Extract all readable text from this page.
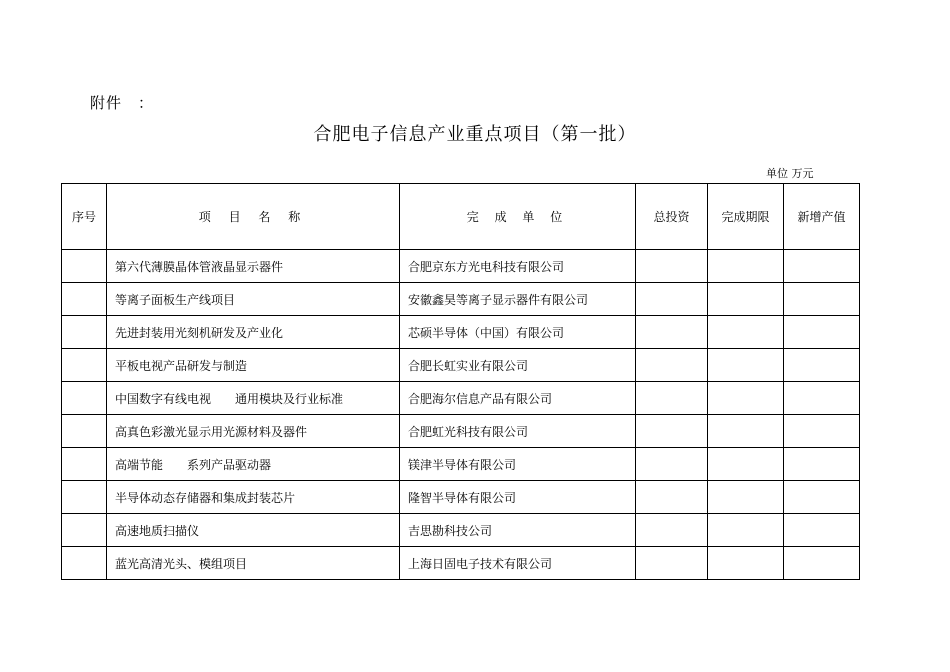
附件　：
合肥电子信息产业重点项目（第一批）
单位 万元
序号	项 目 名 称	完 成 单 位	总投资	完成期限	新增产值
	第六代薄膜晶体管液晶显示器件	合肥京东方光电科技有限公司			
	等离子面板生产线项目	安徽鑫昊等离子显示器件有限公司			
	先进封装用光刻机研发及产业化	芯硕半导体（中国）有限公司			
	平板电视产品研发与制造	合肥长虹实业有限公司			
	中国数字有线电视　　通用模块及行业标准	合肥海尔信息产品有限公司			
	高真色彩激光显示用光源材料及器件	合肥虹光科技有限公司			
	高端节能　　系列产品驱动器	镁津半导体有限公司			
	半导体动态存储器和集成封装芯片	隆智半导体有限公司			
	高速地质扫描仪	吉思勘科技公司			
	蓝光高清光头、模组项目	上海日固电子技术有限公司			
